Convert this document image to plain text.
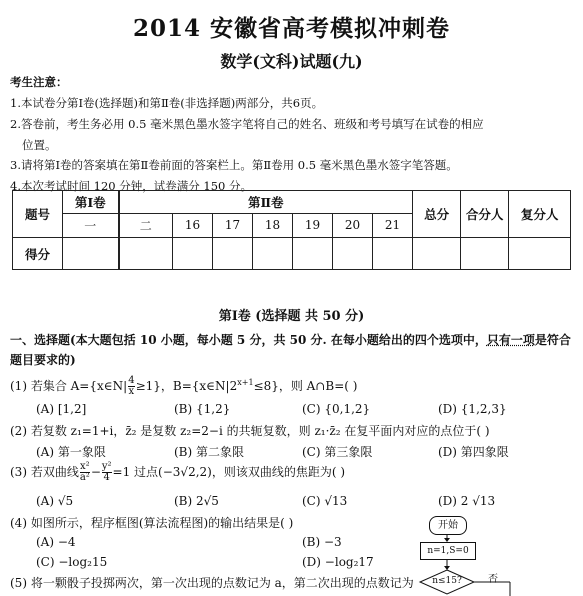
2014 安徽省高考模拟冲刺卷
数学(文科)试题(九)
考生注意：
1.本试卷分第Ⅰ卷(选择题)和第Ⅱ卷(非选择题)两部分，共6页。
2.答卷前，考生务必用 0.5 毫米黑色墨水签字笔将自己的姓名、班级和考号填写在试卷的相应
位置。
3.请将第Ⅰ卷的答案填在第Ⅱ卷前面的答案栏上。第Ⅱ卷用 0.5 毫米黑色墨水签字笔答题。
4.本次考试时间 120 分钟，试卷满分 150 分。
题号	第Ⅰ卷	第Ⅱ卷							总分	合分人	复分人
	一	二	16	17	18	19	20	21			
得分											
第Ⅰ卷 (选择题 共 50 分)
一、选择题(本大题包括 10 小题，每小题 5 分，共 50 分. 在每小题给出的四个选项中，只有一项是符合
题目要求的)
(1) 若集合 A={x∈N| $\frac{4}{x} \ge 1$}，$B=\{x\in N|2^{x+1}\le 8\}$，则 A∩B=( )
(A) [1,2]	(B) {1,2}	(C) {0,1,2}	(D) {1,2,3}
(2) 若复数 z₁=1+i，z̄₂ 是复数 z₂=2−i 的共轭复数，则 z₁·z̄₂ 在复平面内对应的点位于( )
(A) 第一象限	(B) 第二象限	(C) 第三象限	(D) 第四象限
(3) 若双曲线 $\frac{\text{x²}}{\text{a²}} - \frac{\text{y²}}{4} =1$ 过点(−3√2,2)，则该双曲线的焦距为( )
(A) √5	(B) 2√5	(C) √13	(D) 2 √13
(4) 如图所示，程序框图(算法流程图)的输出结果是( )
(A) −4	(B) −3
(C) −log₂15	(D) −log₂17
(5) 将一颗骰子投掷两次，第一次出现的点数记为 a，第二次出现的点数记为
开始
n=1,S=0
n≤15?	否
